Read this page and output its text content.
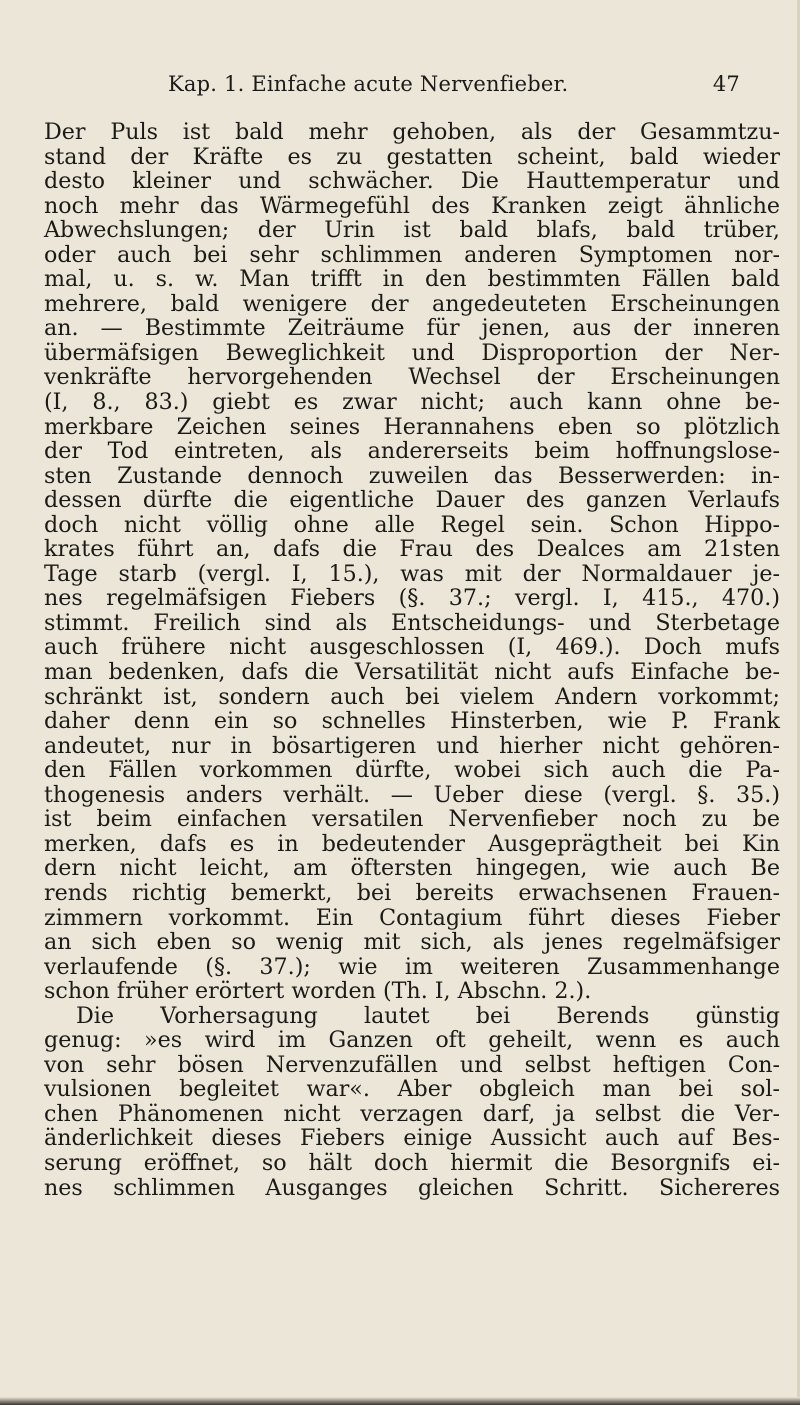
Kap. 1. Einfache acute Nervenfieber.	47
Der Puls ist bald mehr gehoben, als der Gesammtzu-
stand der Kräfte es zu gestatten scheint, bald wieder
desto kleiner und schwächer. Die Hauttemperatur und
noch mehr das Wärmegefühl des Kranken zeigt ähnliche
Abwechslungen; der Urin ist bald blafs, bald trüber,
oder auch bei sehr schlimmen anderen Symptomen nor-
mal, u. s. w. Man trifft in den bestimmten Fällen bald
mehrere, bald wenigere der angedeuteten Erscheinungen
an. — Bestimmte Zeiträume für jenen, aus der inneren
übermäfsigen Beweglichkeit und Disproportion der Ner-
venkräfte hervorgehenden Wechsel der Erscheinungen
(I, 8., 83.) giebt es zwar nicht; auch kann ohne be-
merkbare Zeichen seines Herannahens eben so plötzlich
der Tod eintreten, als andererseits beim hoffnungslose-
sten Zustande dennoch zuweilen das Besserwerden: in-
dessen dürfte die eigentliche Dauer des ganzen Verlaufs
doch nicht völlig ohne alle Regel sein. Schon Hippo-
krates führt an, dafs die Frau des Dealces am 21sten
Tage starb (vergl. I, 15.), was mit der Normaldauer je-
nes regelmäfsigen Fiebers (§. 37.; vergl. I, 415., 470.)
stimmt. Freilich sind als Entscheidungs- und Sterbetage
auch frühere nicht ausgeschlossen (I, 469.). Doch mufs
man bedenken, dafs die Versatilität nicht aufs Einfache be-
schränkt ist, sondern auch bei vielem Andern vorkommt;
daher denn ein so schnelles Hinsterben, wie P. Frank
andeutet, nur in bösartigeren und hierher nicht gehören-
den Fällen vorkommen dürfte, wobei sich auch die Pa-
thogenesis anders verhält. — Ueber diese (vergl. §. 35.)
ist beim einfachen versatilen Nervenfieber noch zu be
merken, dafs es in bedeutender Ausgeprägtheit bei Kin
dern nicht leicht, am öftersten hingegen, wie auch Be
rends richtig bemerkt, bei bereits erwachsenen Frauen-
zimmern vorkommt. Ein Contagium führt dieses Fieber
an sich eben so wenig mit sich, als jenes regelmäfsiger
verlaufende (§. 37.); wie im weiteren Zusammenhange
schon früher erörtert worden (Th. I, Abschn. 2.).
Die Vorhersagung lautet bei Berends günstig
genug: »es wird im Ganzen oft geheilt, wenn es auch
von sehr bösen Nervenzufällen und selbst heftigen Con-
vulsionen begleitet war«. Aber obgleich man bei sol-
chen Phänomenen nicht verzagen darf, ja selbst die Ver-
änderlichkeit dieses Fiebers einige Aussicht auch auf Bes-
serung eröffnet, so hält doch hiermit die Besorgnifs ei-
nes schlimmen Ausganges gleichen Schritt. Sichereres
